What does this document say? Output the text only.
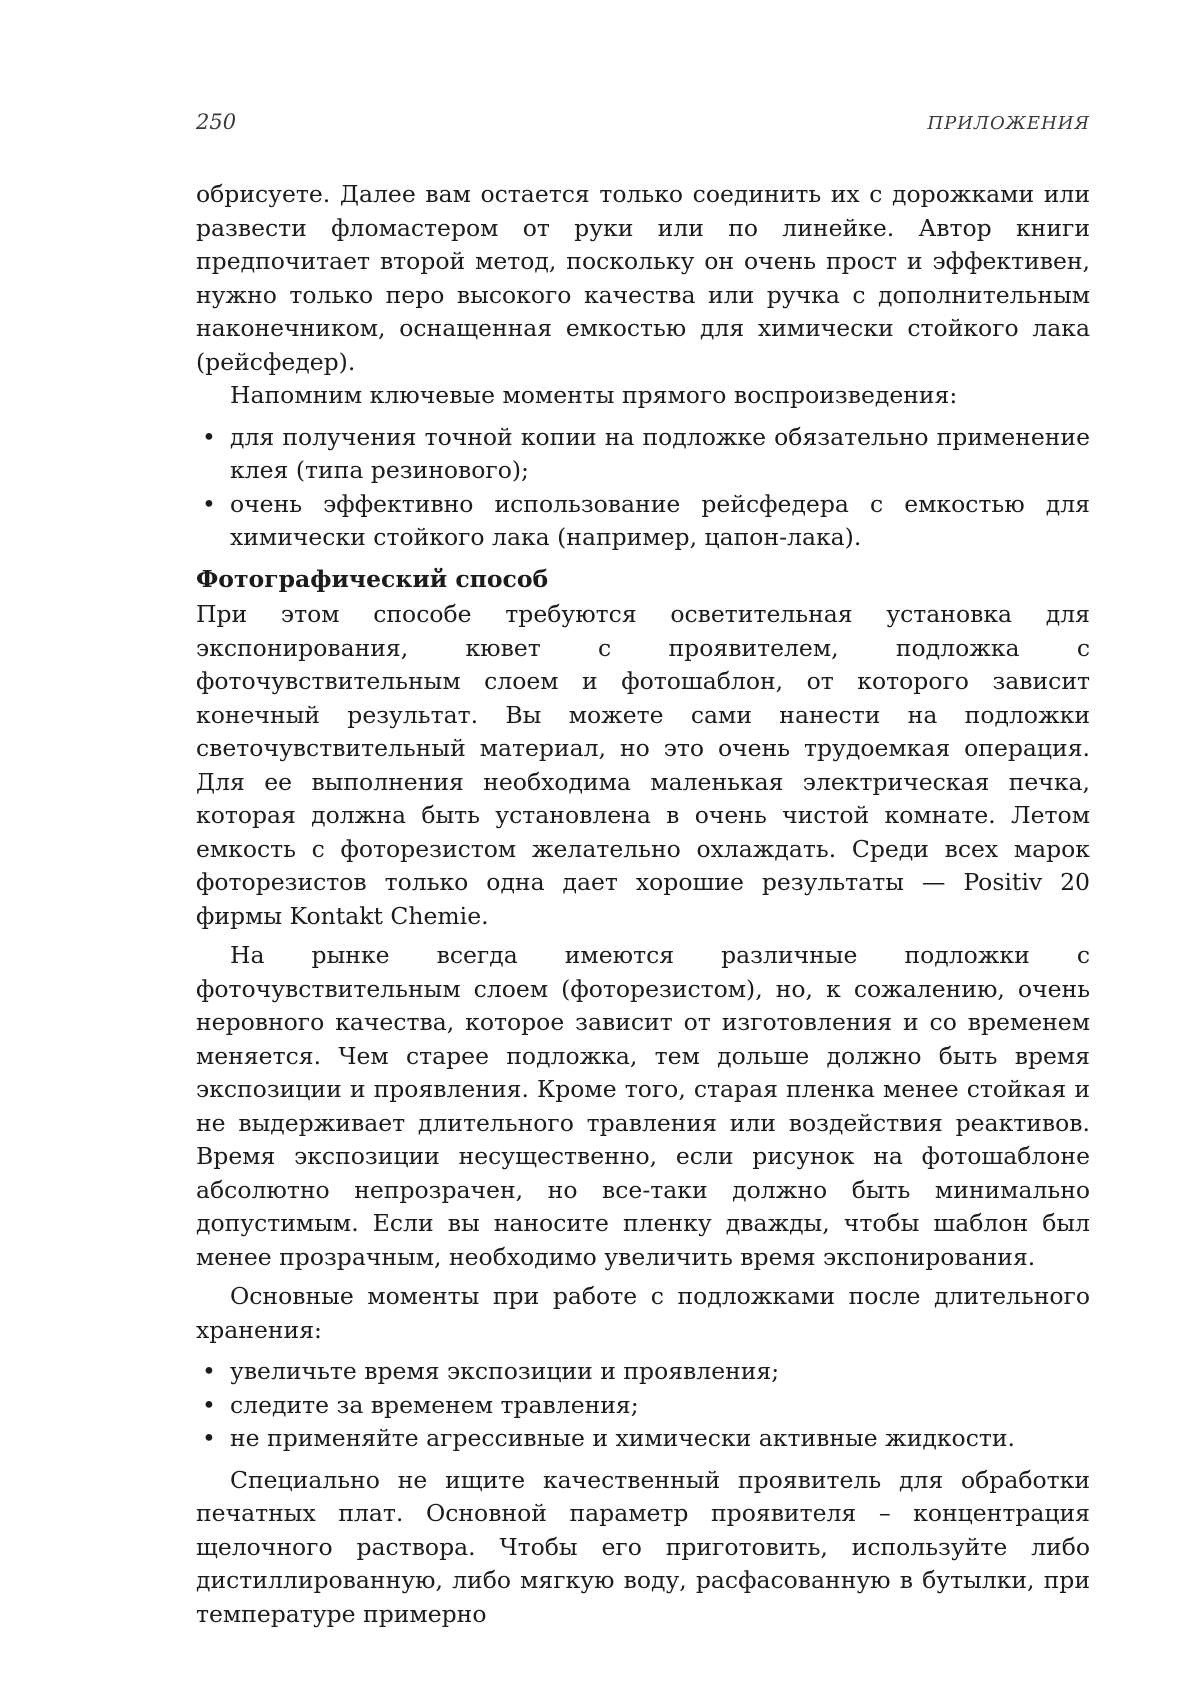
250	ПРИЛОЖЕНИЯ

обрисуете. Далее вам остается только соединить их с дорожками или развести фломастером от руки или по линейке. Автор книги предпочитает второй метод, поскольку он очень прост и эффективен, нужно только перо высокого качества или ручка с дополнительным наконечником, оснащенная емкостью для химически стойкого лака (рейсфедер).

Напомним ключевые моменты прямого воспроизведения:

• для получения точной копии на подложке обязательно применение клея (типа резинового);
• очень эффективно использование рейсфедера с емкостью для химически стойкого лака (например, цапон-лака).
Фотографический способ

При этом способе требуются осветительная установка для экспонирования, кювет с проявителем, подложка с фоточувствительным слоем и фотошаблон, от которого зависит конечный результат. Вы можете сами нанести на подложки светочувствительный материал, но это очень трудоемкая операция. Для ее выполнения необходима маленькая электрическая печка, которая должна быть установлена в очень чистой комнате. Летом емкость с фоторезистом желательно охлаждать. Среди всех марок фоторезистов только одна дает хорошие результаты — Positiv 20 фирмы Kontakt Chemie.

На рынке всегда имеются различные подложки с фоточувствительным слоем (фоторезистом), но, к сожалению, очень неровного качества, которое зависит от изготовления и со временем меняется. Чем старее подложка, тем дольше должно быть время экспозиции и проявления. Кроме того, старая пленка менее стойкая и не выдерживает длительного травления или воздействия реактивов. Время экспозиции несущественно, если рисунок на фотошаблоне абсолютно непрозрачен, но все-таки должно быть минимально допустимым. Если вы наносите пленку дважды, чтобы шаблон был менее прозрачным, необходимо увеличить время экспонирования.

Основные моменты при работе с подложками после длительного хранения:

• увеличьте время экспозиции и проявления;
• следите за временем травления;
• не применяйте агрессивные и химически активные жидкости.

Специально не ищите качественный проявитель для обработки печатных плат. Основной параметр проявителя – концентрация щелочного раствора. Чтобы его приготовить, используйте либо дистиллированную, либо мягкую воду, расфасованную в бутылки, при температуре примерно
